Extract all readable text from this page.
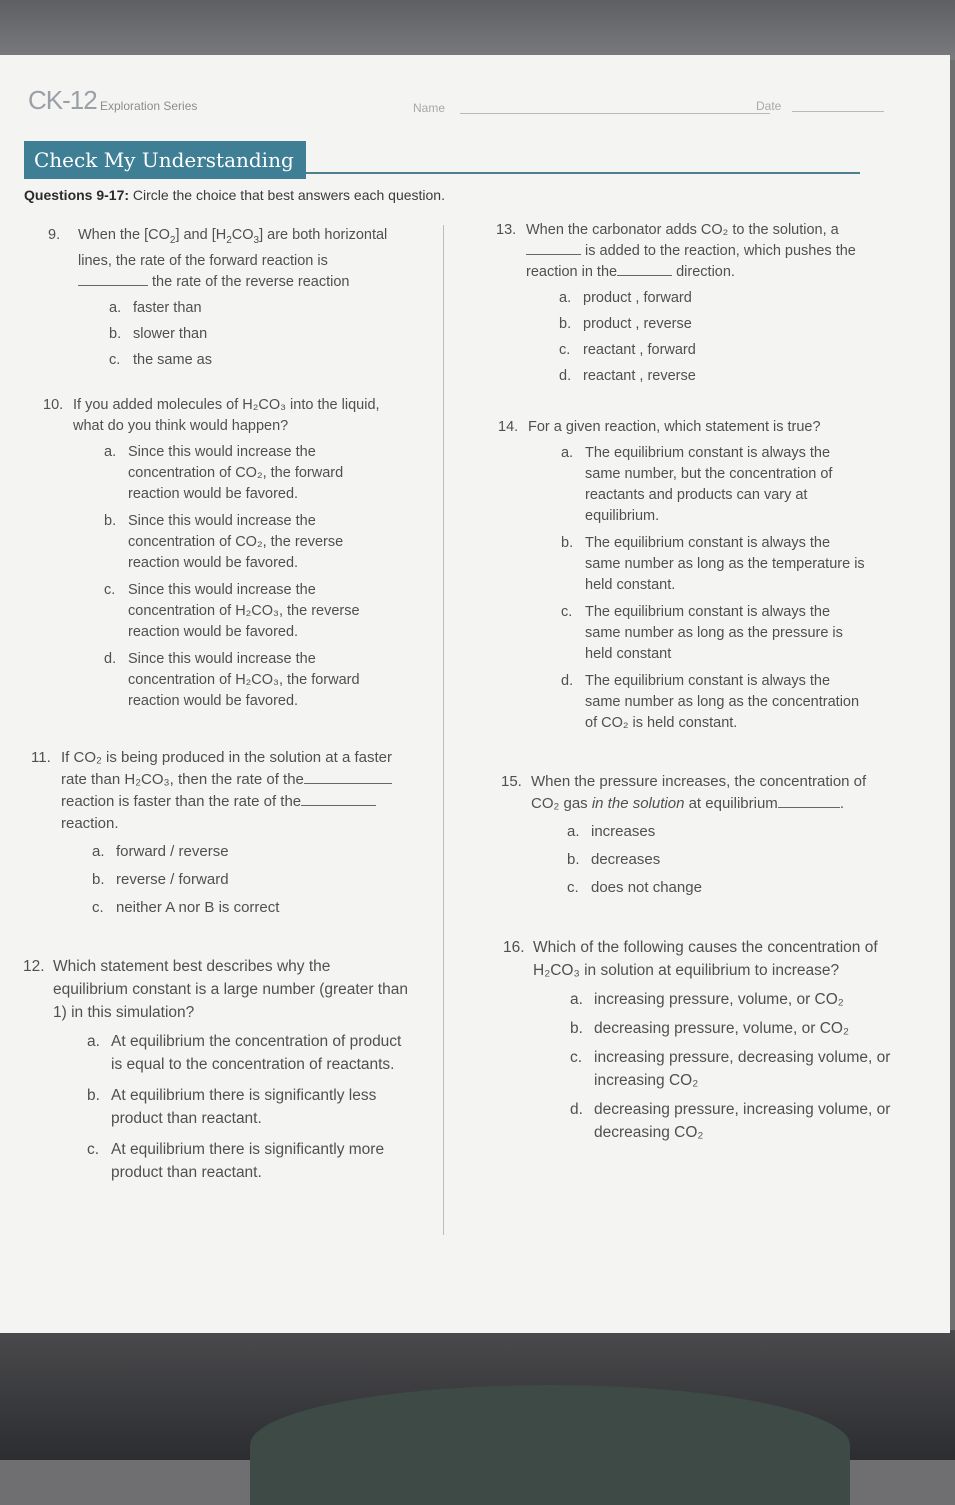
CK-12 Exploration Series	Name	Date
Check My Understanding
Questions 9-17: Circle the choice that best answers each question.
9. When the $[CO_2]$ and $[H_2CO_3]$ are both horizontal lines, the rate of the forward reaction is
the rate of the reverse reaction
a. faster than
b. slower than
c. the same as
10. If you added molecules of H₂CO₃ into the liquid, what do you think would happen?
a. Since this would increase the concentration of CO₂, the forward reaction would be favored.
b. Since this would increase the concentration of CO₂, the reverse reaction would be favored.
c. Since this would increase the concentration of H₂CO₃, the reverse reaction would be favored.
d. Since this would increase the concentration of H₂CO₃, the forward reaction would be favored.
11. If CO₂ is being produced in the solution at a faster rate than H₂CO₃, then the rate of the reaction is faster than the rate of the reaction.
a. forward / reverse
b. reverse / forward
c. neither A nor B is correct
12. Which statement best describes why the equilibrium constant is a large number (greater than 1) in this simulation?
a. At equilibrium the concentration of product is equal to the concentration of reactants.
b. At equilibrium there is significantly less product than reactant.
c. At equilibrium there is significantly more product than reactant.
13. When the carbonator adds CO₂ to the solution, a
is added to the reaction, which pushes the reaction in the	direction.
a. product , forward
b. product , reverse
c. reactant , forward
d. reactant , reverse
14. For a given reaction, which statement is true?
a. The equilibrium constant is always the same number, but the concentration of reactants and products can vary at equilibrium.
b. The equilibrium constant is always the same number as long as the temperature is held constant.
c. The equilibrium constant is always the same number as long as the pressure is held constant
d. The equilibrium constant is always the same number as long as the concentration of CO₂ is held constant.
15. When the pressure increases, the concentration of CO₂ gas in the solution at equilibrium	.
a. increases
b. decreases
c. does not change
16. Which of the following causes the concentration of H₂CO₃ in solution at equilibrium to increase?
a. increasing pressure, volume, or CO₂
b. decreasing pressure, volume, or CO₂
c. increasing pressure, decreasing volume, or increasing CO₂
d. decreasing pressure, increasing volume, or decreasing CO₂
